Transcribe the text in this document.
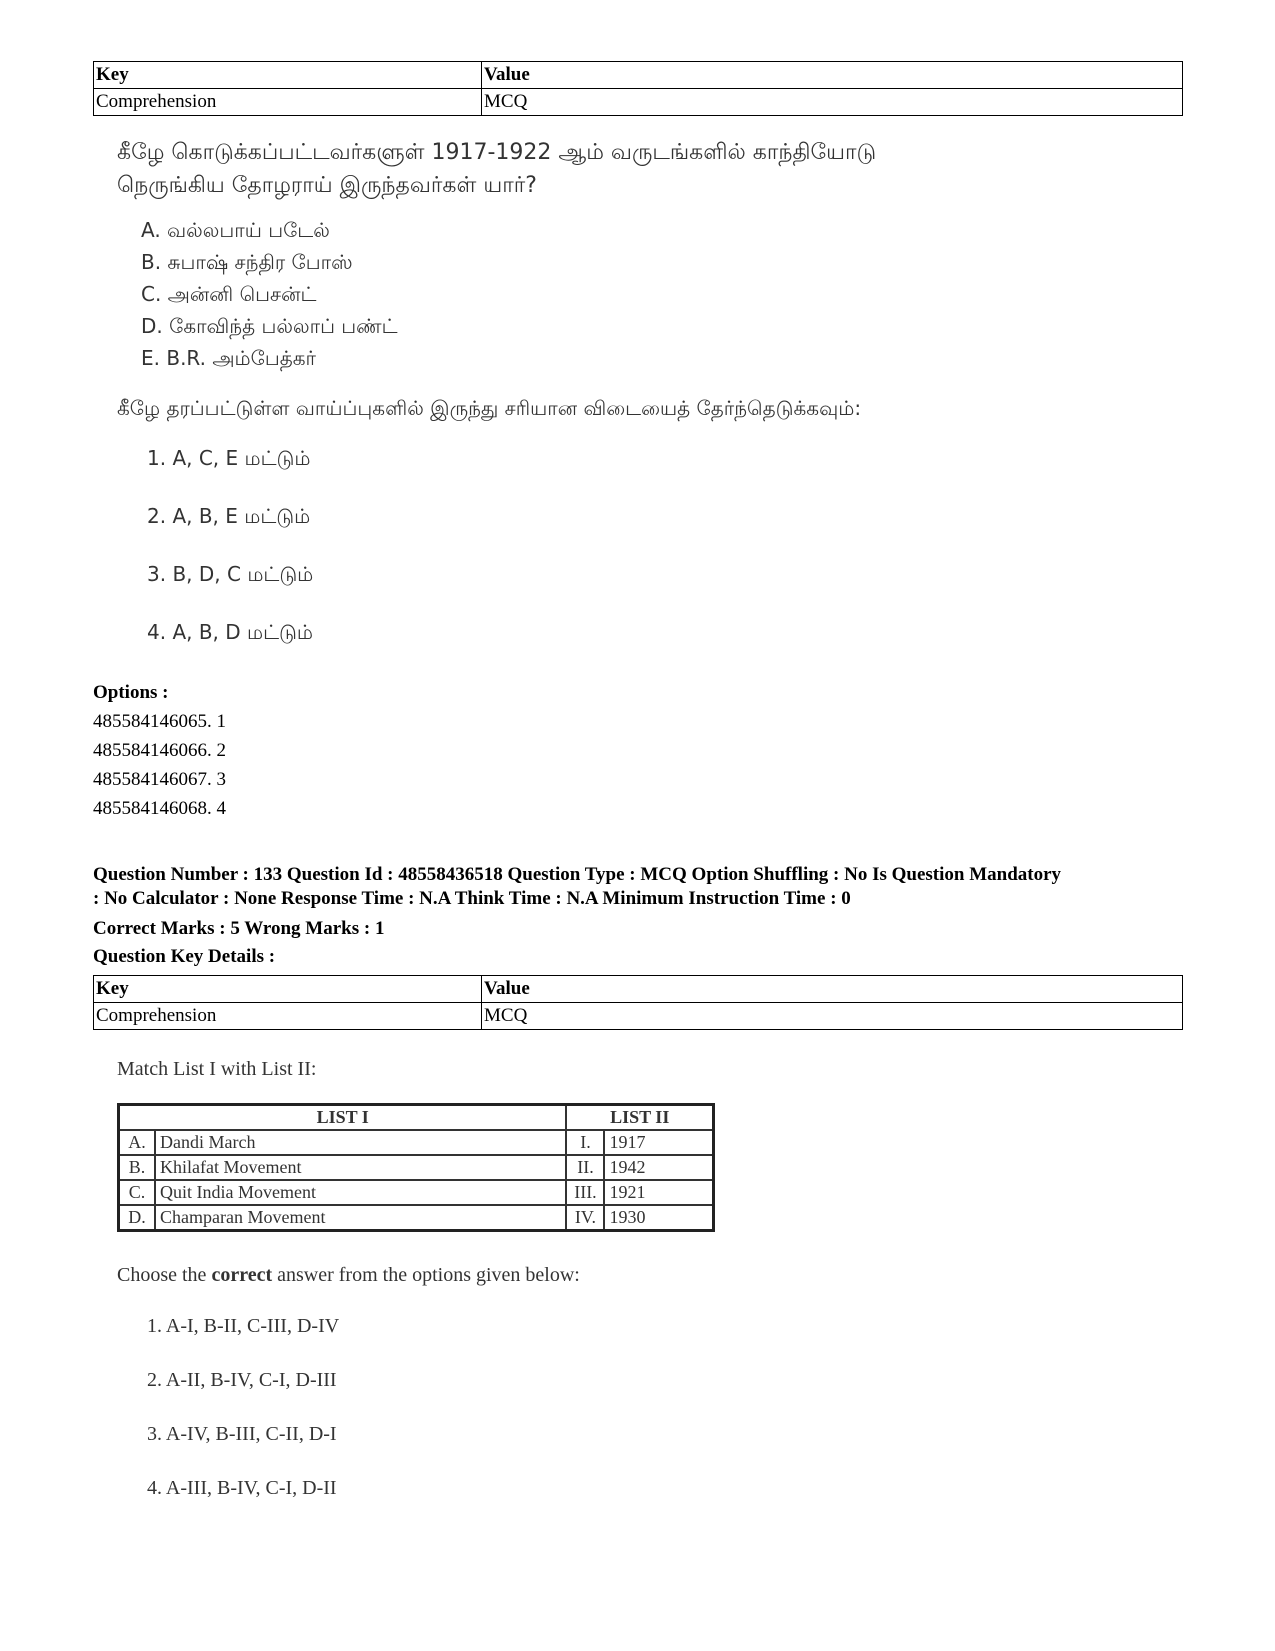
Key	Value
Comprehension	MCQ
கீழே கொடுக்கப்பட்டவர்களுள் 1917-1922 ஆம் வருடங்களில் காந்தியோடு
நெருங்கிய தோழராய் இருந்தவர்கள் யார்?
A. வல்லபாய் படேல்
B. சுபாஷ் சந்திர போஸ்
C. அன்னி பெசன்ட்
D. கோவிந்த் பல்லாப் பண்ட்
E. B.R. அம்பேத்கர்
கீழே தரப்பட்டுள்ள வாய்ப்புகளில் இருந்து சரியான விடையைத் தேர்ந்தெடுக்கவும்:
1. A, C, E மட்டும்
2. A, B, E மட்டும்
3. B, D, C மட்டும்
4. A, B, D மட்டும்
Options :
485584146065. 1
485584146066. 2
485584146067. 3
485584146068. 4
Question Number : 133 Question Id : 48558436518 Question Type : MCQ Option Shuffling : No Is Question Mandatory
: No Calculator : None Response Time : N.A Think Time : N.A Minimum Instruction Time : 0
Correct Marks : 5 Wrong Marks : 1
Question Key Details :
Key	Value
Comprehension	MCQ
Match List I with List II:
LIST I		LIST II	
A.	Dandi March	I.	1917
B.	Khilafat Movement	II.	1942
C.	Quit India Movement	III.	1921
D.	Champaran Movement	IV.	1930
Choose the correct answer from the options given below:
1. A-I, B-II, C-III, D-IV
2. A-II, B-IV, C-I, D-III
3. A-IV, B-III, C-II, D-I
4. A-III, B-IV, C-I, D-II
